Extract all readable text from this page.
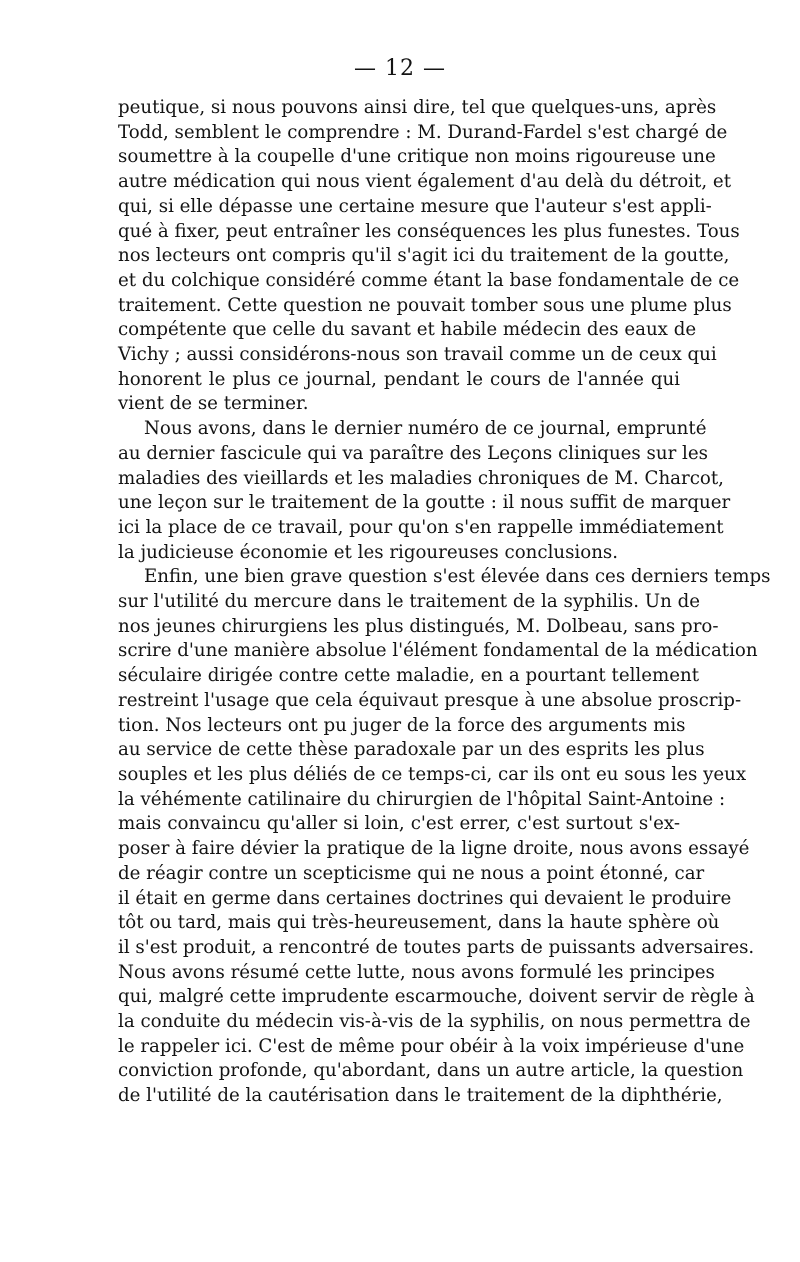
— 12 —

peutique, si nous pouvons ainsi dire, tel que quelques-uns, après
Todd, semblent le comprendre : M. Durand-Fardel s'est chargé de
soumettre à la coupelle d'une critique non moins rigoureuse une
autre médication qui nous vient également d'au delà du détroit, et
qui, si elle dépasse une certaine mesure que l'auteur s'est appli-
qué à fixer, peut entraîner les conséquences les plus funestes. Tous
nos lecteurs ont compris qu'il s'agit ici du traitement de la goutte,
et du colchique considéré comme étant la base fondamentale de ce
traitement. Cette question ne pouvait tomber sous une plume plus
compétente que celle du savant et habile médecin des eaux de
Vichy ; aussi considérons-nous son travail comme un de ceux qui
honorent le plus ce journal, pendant le cours de l'année qui
vient de se terminer.

Nous avons, dans le dernier numéro de ce journal, emprunté
au dernier fascicule qui va paraître des Leçons cliniques sur les
maladies des vieillards et les maladies chroniques de M. Charcot,
une leçon sur le traitement de la goutte : il nous suffit de marquer
ici la place de ce travail, pour qu'on s'en rappelle immédiatement
la judicieuse économie et les rigoureuses conclusions.

Enfin, une bien grave question s'est élevée dans ces derniers temps
sur l'utilité du mercure dans le traitement de la syphilis. Un de
nos jeunes chirurgiens les plus distingués, M. Dolbeau, sans pro-
scrire d'une manière absolue l'élément fondamental de la médication
séculaire dirigée contre cette maladie, en a pourtant tellement
restreint l'usage que cela équivaut presque à une absolue proscrip-
tion. Nos lecteurs ont pu juger de la force des arguments mis
au service de cette thèse paradoxale par un des esprits les plus
souples et les plus déliés de ce temps-ci, car ils ont eu sous les yeux
la véhémente catilinaire du chirurgien de l'hôpital Saint-Antoine :
mais convaincu qu'aller si loin, c'est errer, c'est surtout s'ex-
poser à faire dévier la pratique de la ligne droite, nous avons essayé
de réagir contre un scepticisme qui ne nous a point étonné, car
il était en germe dans certaines doctrines qui devaient le produire
tôt ou tard, mais qui très-heureusement, dans la haute sphère où
il s'est produit, a rencontré de toutes parts de puissants adversaires.
Nous avons résumé cette lutte, nous avons formulé les principes
qui, malgré cette imprudente escarmouche, doivent servir de règle à
la conduite du médecin vis-à-vis de la syphilis, on nous permettra de
le rappeler ici. C'est de même pour obéir à la voix impérieuse d'une
conviction profonde, qu'abordant, dans un autre article, la question
de l'utilité de la cautérisation dans le traitement de la diphthérie,
